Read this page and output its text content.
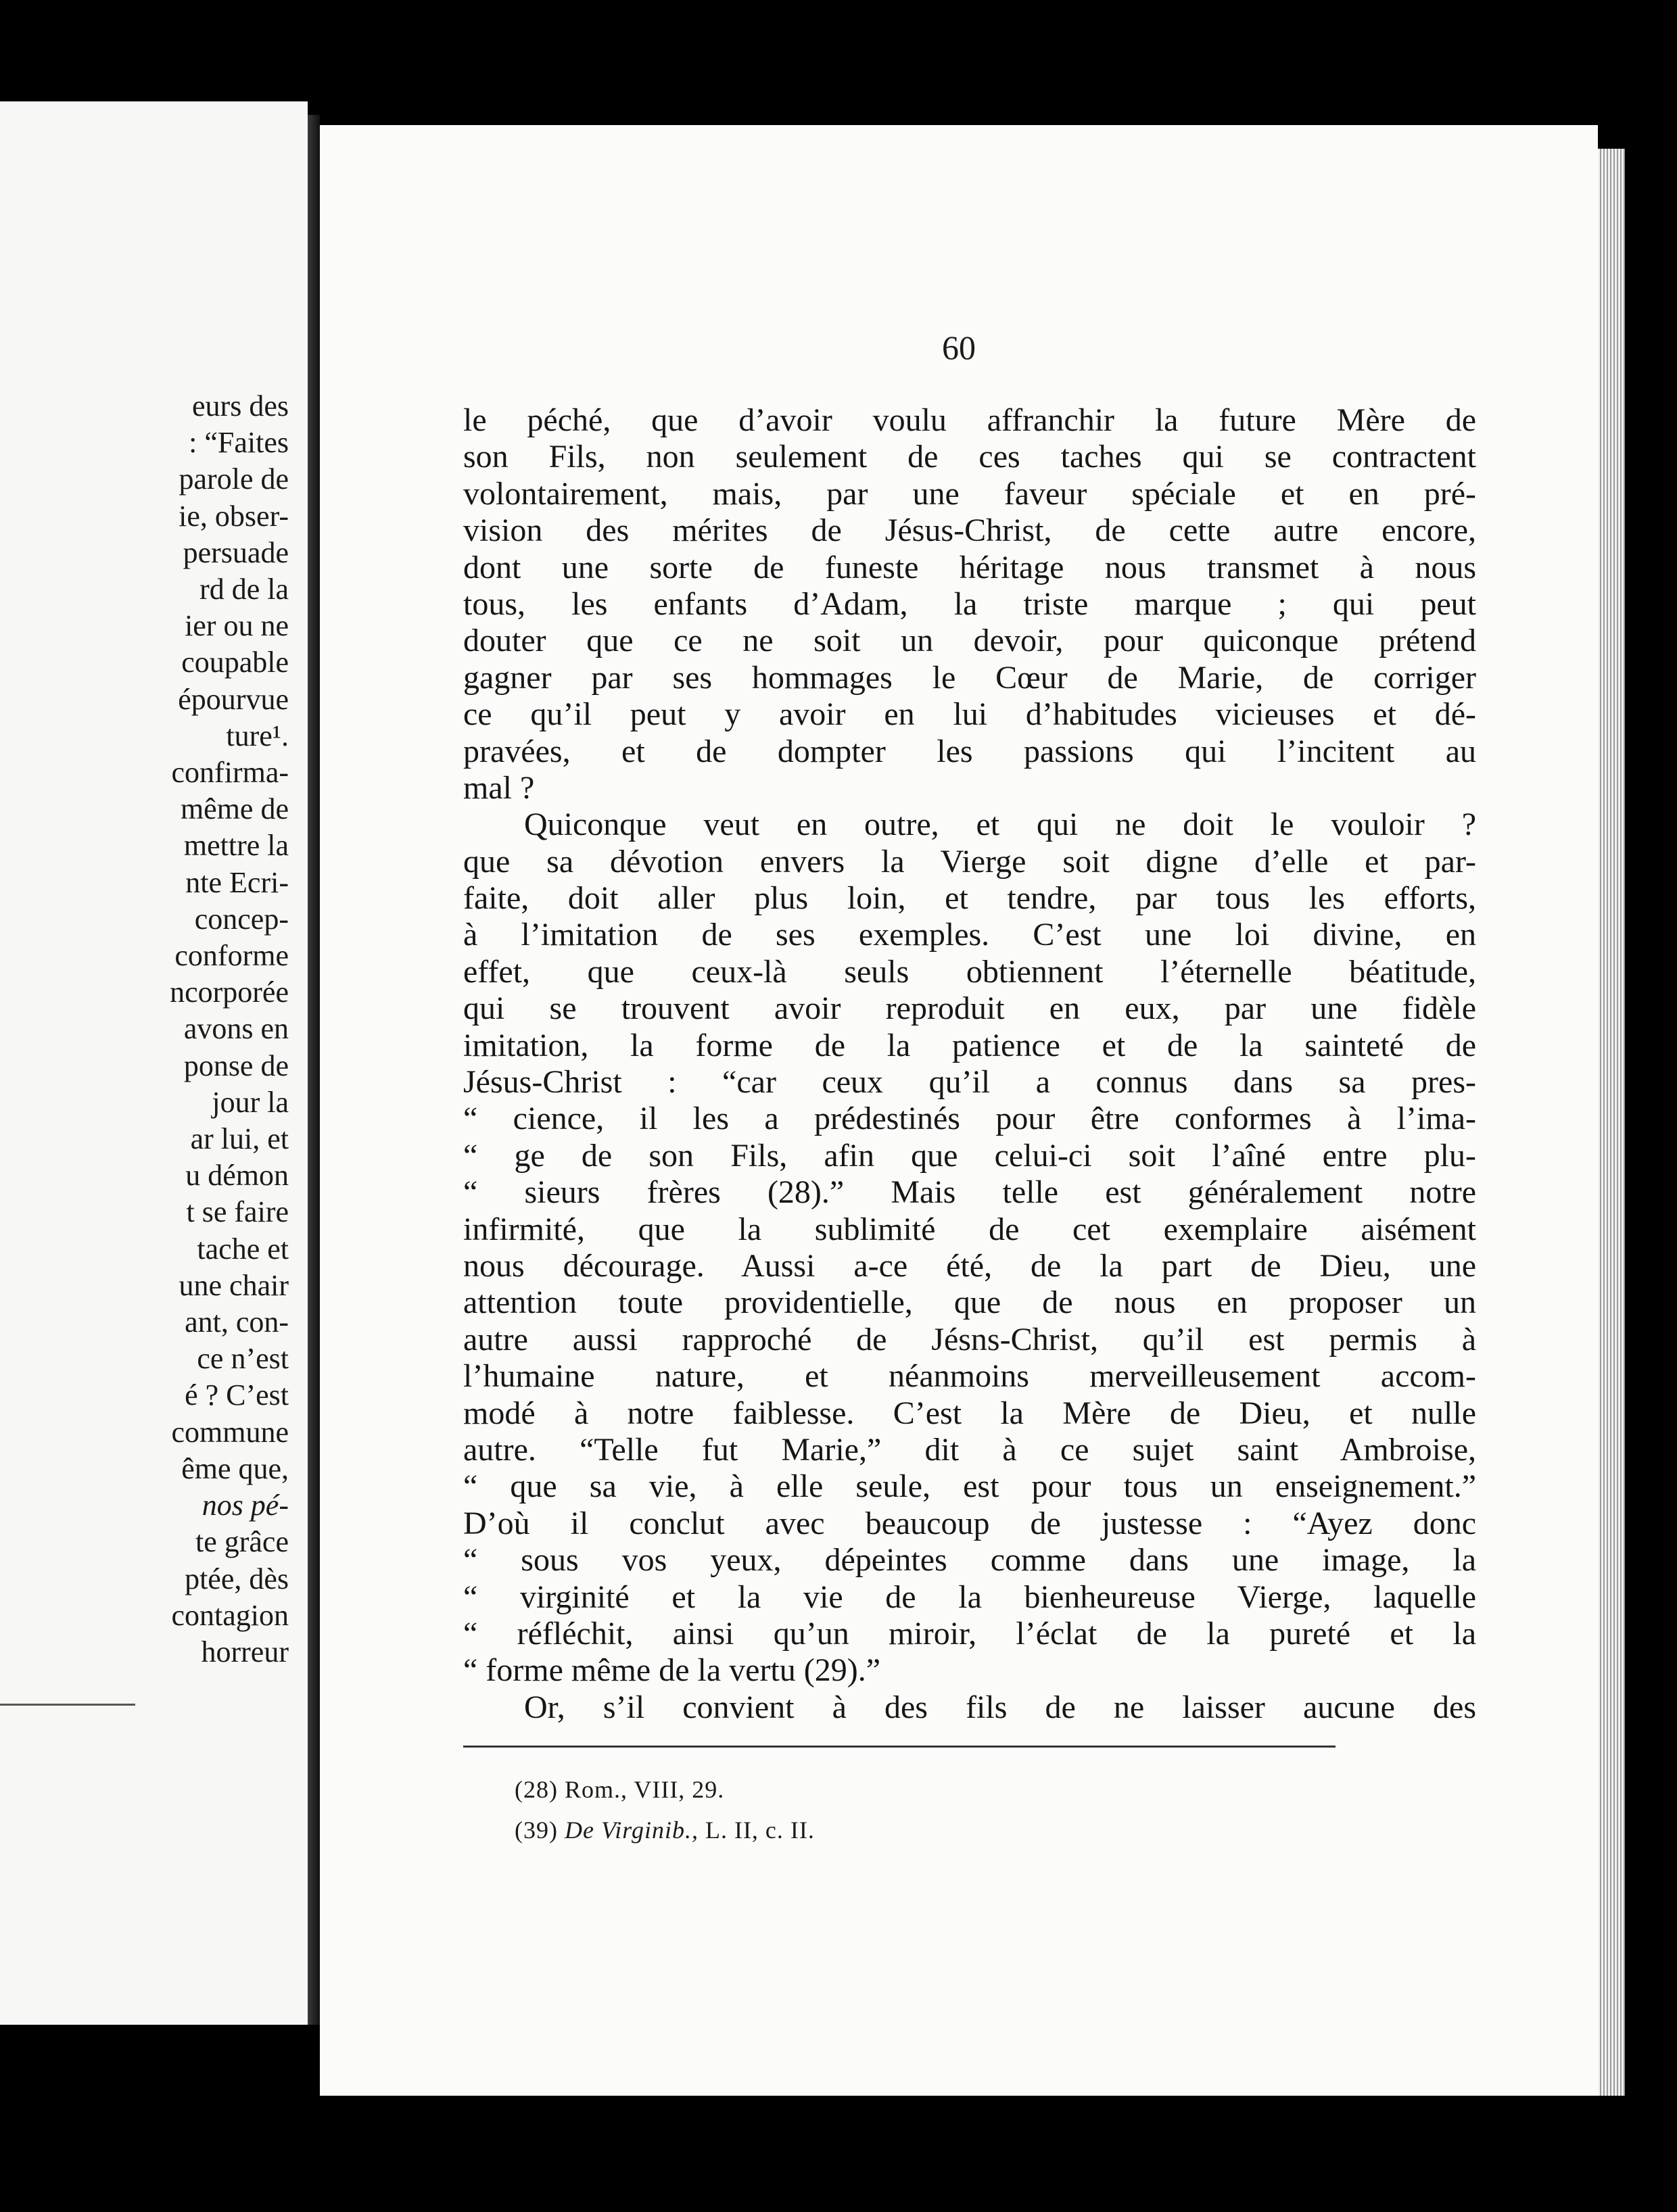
eurs des
: “Faites
parole de
ie, obser-
persuade
rd de la
ier ou ne
coupable
épourvue
ture¹.
confirma-
même de
mettre la
nte Ecri-
concep-
conforme
ncorporée
avons en
ponse de
jour la
ar lui, et
u démon
t se faire
tache et
une chair
ant, con-
ce n’est
é ? C’est
commune
ême que,
nos pé-
te grâce
ptée, dès
contagion
horreur
60
le péché, que d’avoir voulu affranchir la future Mère de
son Fils, non seulement de ces taches qui se contractent
volontairement, mais, par une faveur spéciale et en pré-
vision des mérites de Jésus-Christ, de cette autre encore,
dont une sorte de funeste héritage nous transmet à nous
tous, les enfants d’Adam, la triste marque ; qui peut
douter que ce ne soit un devoir, pour quiconque prétend
gagner par ses hommages le Cœur de Marie, de corriger
ce qu’il peut y avoir en lui d’habitudes vicieuses et dé-
pravées, et de dompter les passions qui l’incitent au
mal ?
Quiconque veut en outre, et qui ne doit le vouloir ?
que sa dévotion envers la Vierge soit digne d’elle et par-
faite, doit aller plus loin, et tendre, par tous les efforts,
à l’imitation de ses exemples. C’est une loi divine, en
effet, que ceux-là seuls obtiennent l’éternelle béatitude,
qui se trouvent avoir reproduit en eux, par une fidèle
imitation, la forme de la patience et de la sainteté de
Jésus-Christ : “car ceux qu’il a connus dans sa pres-
“ cience, il les a prédestinés pour être conformes à l’ima-
“ ge de son Fils, afin que celui-ci soit l’aîné entre plu-
“ sieurs frères (28).” Mais telle est généralement notre
infirmité, que la sublimité de cet exemplaire aisément
nous décourage. Aussi a-ce été, de la part de Dieu, une
attention toute providentielle, que de nous en proposer un
autre aussi rapproché de Jésns-Christ, qu’il est permis à
l’humaine nature, et néanmoins merveilleusement accom-
modé à notre faiblesse. C’est la Mère de Dieu, et nulle
autre. “Telle fut Marie,” dit à ce sujet saint Ambroise,
“ que sa vie, à elle seule, est pour tous un enseignement.”
D’où il conclut avec beaucoup de justesse : “Ayez donc
“ sous vos yeux, dépeintes comme dans une image, la
“ virginité et la vie de la bienheureuse Vierge, laquelle
“ réfléchit, ainsi qu’un miroir, l’éclat de la pureté et la
“ forme même de la vertu (29).”
Or, s’il convient à des fils de ne laisser aucune des
(28) Rom., VIII, 29.
(39) De Virginib., L. II, c. II.
